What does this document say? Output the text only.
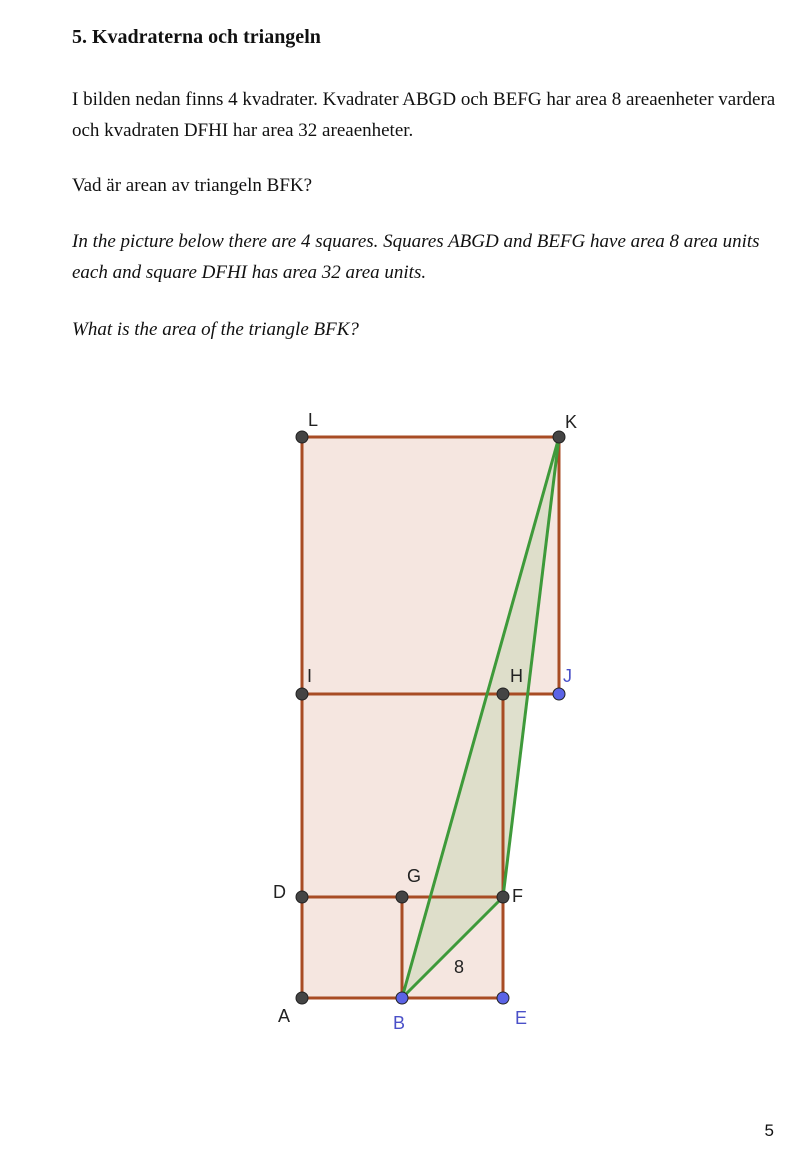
5. Kvadraterna och triangeln

I bilden nedan finns 4 kvadrater. Kvadrater ABGD och BEFG har area 8 areaenheter vardera och kvadraten DFHI har area 32 areaenheter.

Vad är arean av triangeln BFK?

In the picture below there are 4 squares. Squares ABGD and BEFG have area 8 area units each and square DFHI has area 32 area units.

What is the area of the triangle BFK?

A	B	E
D
G
F
I	H J
L	K
8
5
